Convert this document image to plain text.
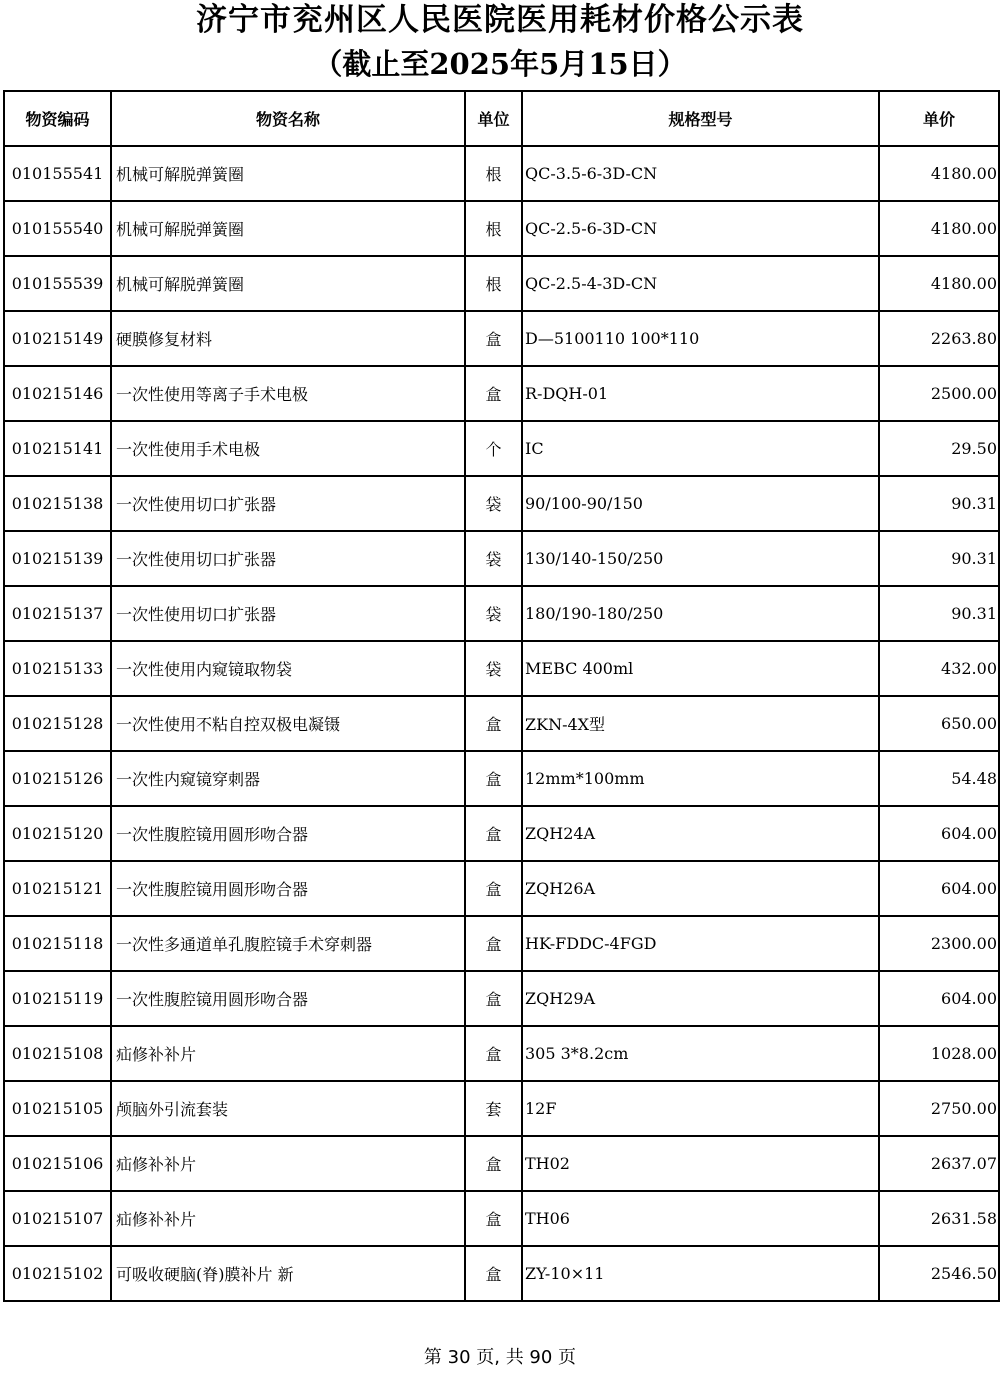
济宁市兖州区人民医院医用耗材价格公示表
（截止至2025年5月15日）
物资编码	物资名称	单位	规格型号	单价
010155541	机械可解脱弹簧圈	根	QC-3.5-6-3D-CN	4180.00
010155540	机械可解脱弹簧圈	根	QC-2.5-6-3D-CN	4180.00
010155539	机械可解脱弹簧圈	根	QC-2.5-4-3D-CN	4180.00
010215149	硬膜修复材料	盒	D—5100110 100*110	2263.80
010215146	一次性使用等离子手术电极	盒	R-DQH-01	2500.00
010215141	一次性使用手术电极	个	IC	29.50
010215138	一次性使用切口扩张器	袋	90/100-90/150	90.31
010215139	一次性使用切口扩张器	袋	130/140-150/250	90.31
010215137	一次性使用切口扩张器	袋	180/190-180/250	90.31
010215133	一次性使用内窥镜取物袋	袋	MEBC 400ml	432.00
010215128	一次性使用不粘自控双极电凝镊	盒	ZKN-4X型	650.00
010215126	一次性内窥镜穿刺器	盒	12mm*100mm	54.48
010215120	一次性腹腔镜用圆形吻合器	盒	ZQH24A	604.00
010215121	一次性腹腔镜用圆形吻合器	盒	ZQH26A	604.00
010215118	一次性多通道单孔腹腔镜手术穿刺器	盒	HK-FDDC-4FGD	2300.00
010215119	一次性腹腔镜用圆形吻合器	盒	ZQH29A	604.00
010215108	疝修补补片	盒	305 3*8.2cm	1028.00
010215105	颅脑外引流套装	套	12F	2750.00
010215106	疝修补补片	盒	TH02	2637.07
010215107	疝修补补片	盒	TH06	2631.58
010215102	可吸收硬脑(脊)膜补片 新	盒	ZY-10×11	2546.50
第 30 页, 共 90 页
